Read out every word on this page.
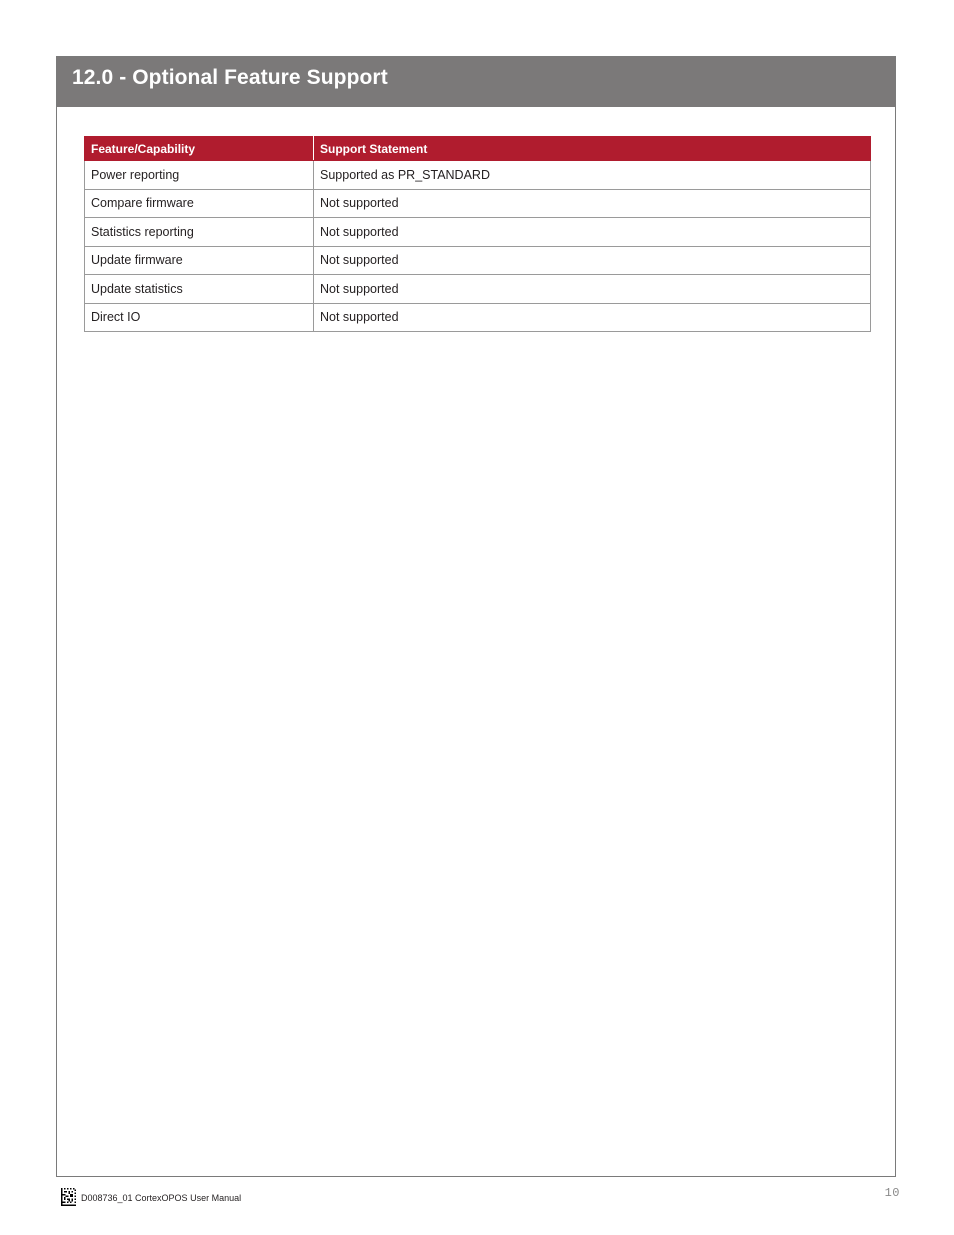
12.0 - Optional Feature Support
Feature/Capability	Support Statement
Power reporting	Supported as PR_STANDARD
Compare firmware	Not supported
Statistics reporting	Not supported
Update firmware	Not supported
Update statistics	Not supported
Direct IO	Not supported
D008736_01 CortexOPOS User Manual	10
